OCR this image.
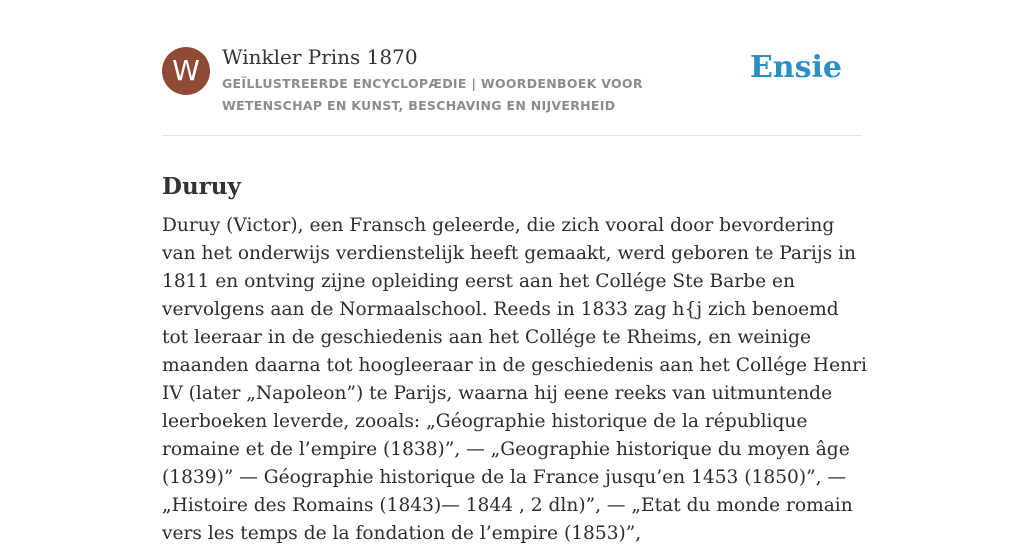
W	Winkler Prins 1870
GEÏLLUSTREERDE ENCYCLOPÆDIE | WOORDENBOEK VOOR WETENSCHAP EN KUNST, BESCHAVING EN NIJVERHEID
Ensie
Duruy

Duruy (Victor), een Fransch geleerde, die zich vooral door bevordering van het onderwijs verdienstelijk heeft gemaakt, werd geboren te Parijs in 1811 en ontving zijne opleiding eerst aan het Collége Ste Barbe en vervolgens aan de Normaalschool. Reeds in 1833 zag h{j zich benoemd tot leeraar in de geschiedenis aan het Collége te Rheims, en weinige maanden daarna tot hoogleeraar in de geschiedenis aan het Collége Henri IV (later „Napoleon”) te Parijs, waarna hij eene reeks van uitmuntende leerboeken leverde, zooals: „Géographie historique de la république romaine et de l’empire (1838)”, — „Geographie historique du moyen âge (1839)” — Géographie historique de la France jusqu’en 1453 (1850)”, — „Histoire des Romains (1843)— 1844 , 2 dln)”, — „Etat du monde romain vers les temps de la fondation de l’empire (1853)”,
